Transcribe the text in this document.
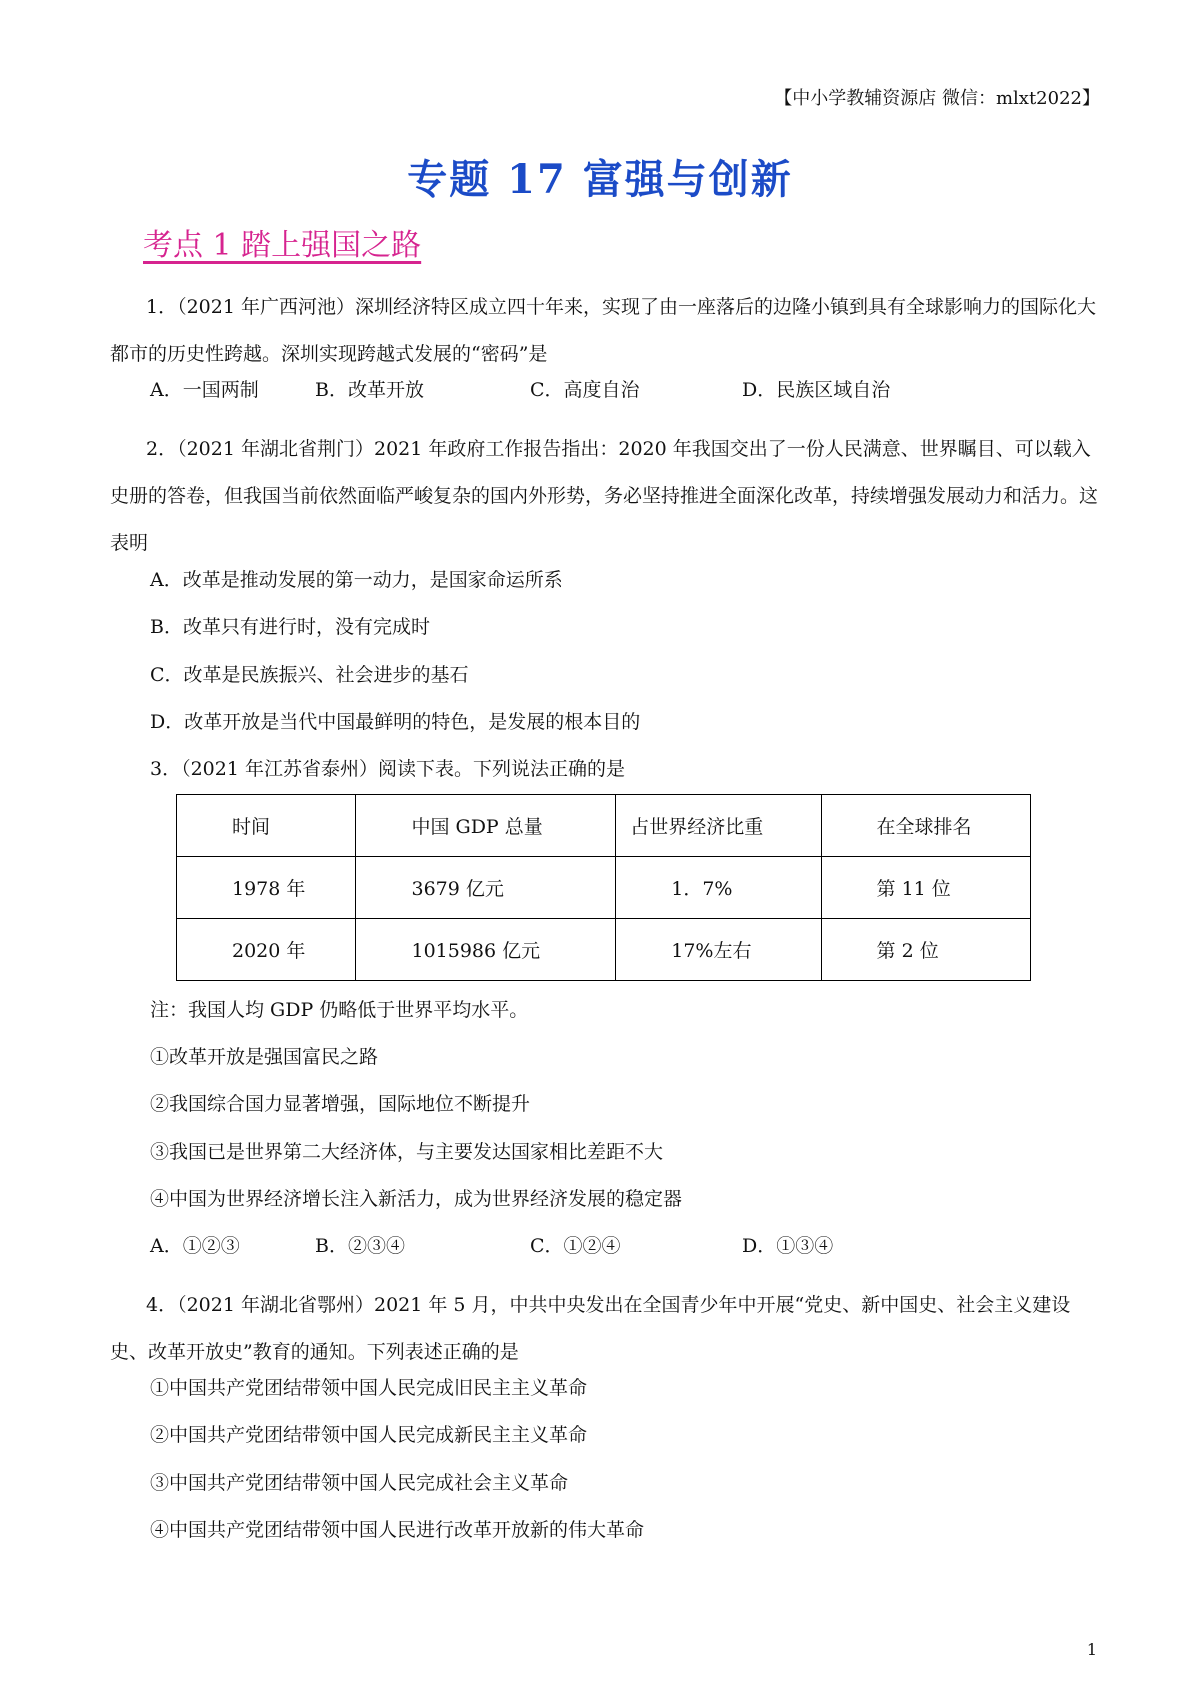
【中小学教辅资源店 微信：mlxt2022】
专题 17 富强与创新
考点 1 踏上强国之路
1．（2021 年广西河池）深圳经济特区成立四十年来，实现了由一座落后的边隆小镇到具有全球影响力的国际化大都市的历史性跨越。深圳实现跨越式发展的“密码”是
A．一国两制	B．改革开放	C．高度自治	D．民族区域自治
2．（2021 年湖北省荆门）2021 年政府工作报告指出：2020 年我国交出了一份人民满意、世界瞩目、可以载入史册的答卷，但我国当前依然面临严峻复杂的国内外形势，务必坚持推进全面深化改革，持续增强发展动力和活力。这表明
A．改革是推动发展的第一动力，是国家命运所系
B．改革只有进行时，没有完成时
C．改革是民族振兴、社会进步的基石
D．改革开放是当代中国最鲜明的特色，是发展的根本目的
3．（2021 年江苏省泰州）阅读下表。下列说法正确的是
时间	中国 GDP 总量	占世界经济比重	在全球排名
1978 年	3679 亿元	1．7%	第 11 位
2020 年	1015986 亿元	17%左右	第 2 位
注：我国人均 GDP 仍略低于世界平均水平。
①改革开放是强国富民之路
②我国综合国力显著增强，国际地位不断提升
③我国已是世界第二大经济体，与主要发达国家相比差距不大
④中国为世界经济增长注入新活力，成为世界经济发展的稳定器
A．①②③	B．②③④	C．①②④	D．①③④
4．（2021 年湖北省鄂州）2021 年 5 月，中共中央发出在全国青少年中开展“党史、新中国史、社会主义建设史、改革开放史”教育的通知。下列表述正确的是
①中国共产党团结带领中国人民完成旧民主主义革命
②中国共产党团结带领中国人民完成新民主主义革命
③中国共产党团结带领中国人民完成社会主义革命
④中国共产党团结带领中国人民进行改革开放新的伟大革命
1
